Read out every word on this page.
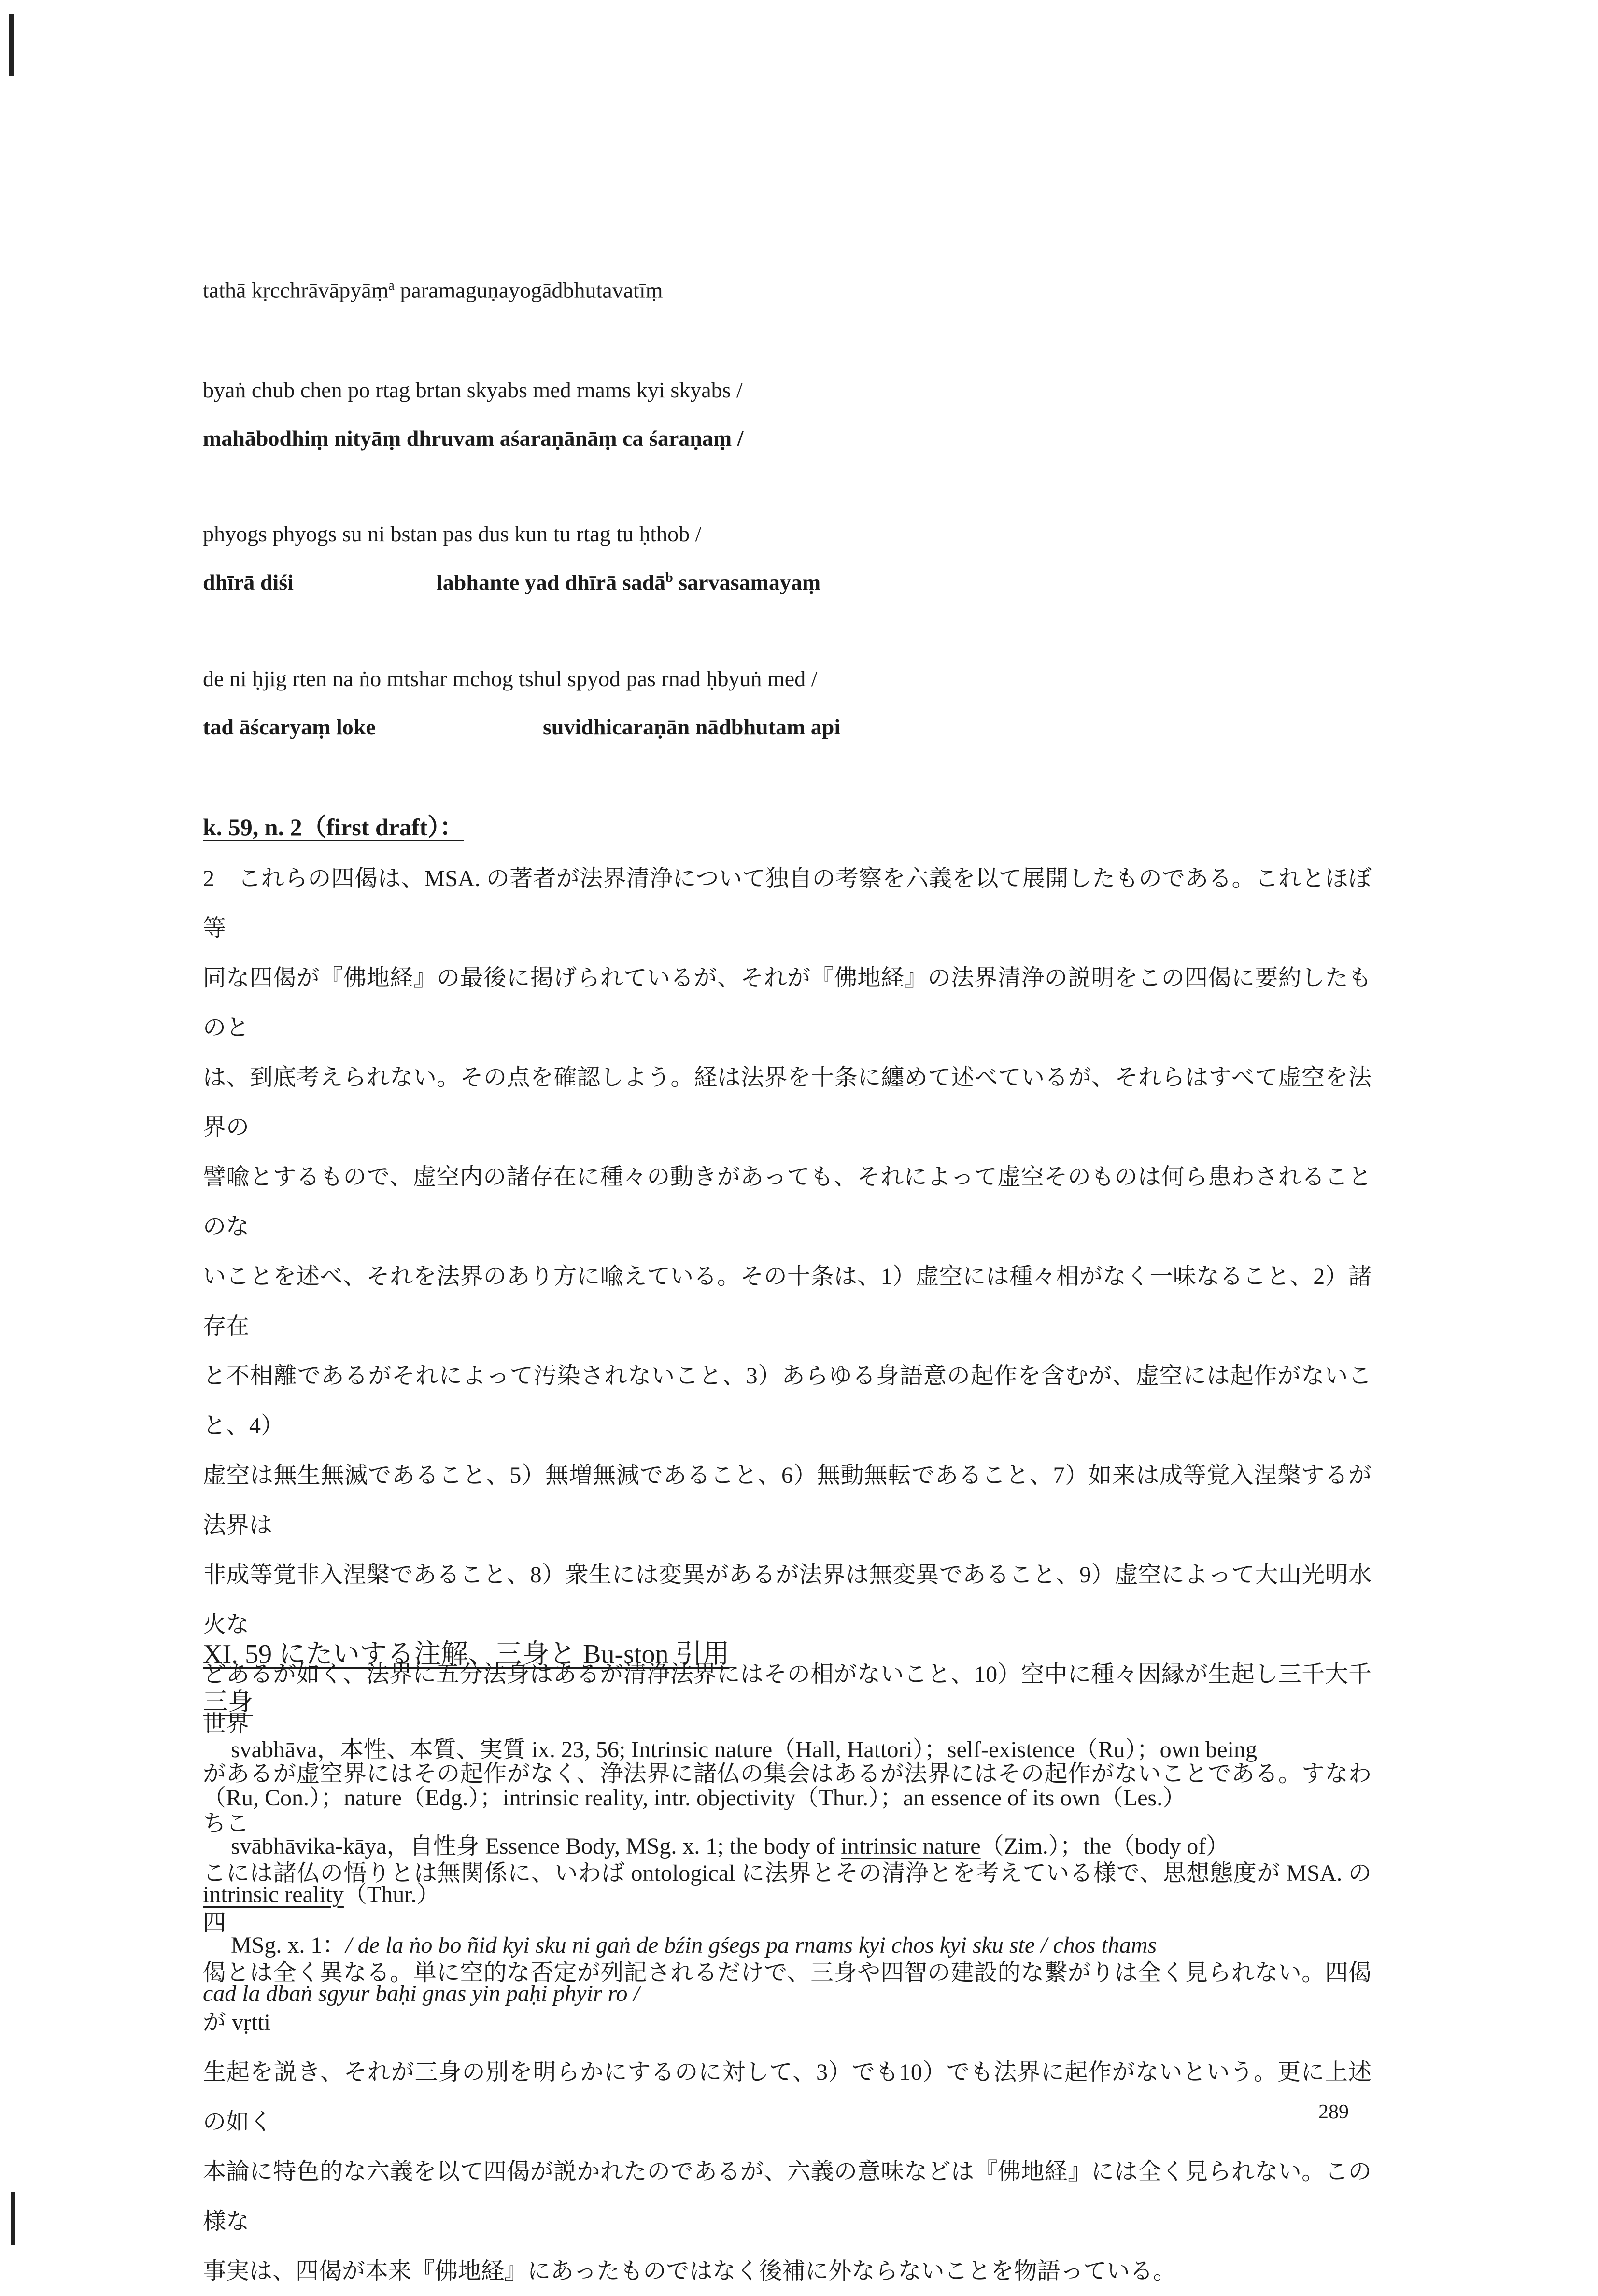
tathā kṛcchrāvāpyāṃ$^a$ paramaguṇayogādbhutavatīṃ
byaṅ chub chen po rtag brtan skyabs med rnams kyi skyabs /
mahābodhiṃ nityāṃ dhruvam aśaraṇānāṃ ca śaraṇaṃ /
phyogs phyogs su ni bstan pas dus kun tu rtag tu ḥthob /
dhīrā diśi	labhante yad dhīrā sadā$^b$ sarvasamayaṃ
de ni ḥjig rten na ṅo mtshar mchog tshul spyod pas rnad ḥbyuṅ med /
tad āścaryaṃ loke	suvidhicaraṇān nādbhutam api
k. 59, n. 2（first draft）：
2　これらの四偈は、MSA. の著者が法界清浄について独自の考察を六義を以て展開したものである。これとほぼ等
同な四偈が『佛地経』の最後に掲げられているが、それが『佛地経』の法界清浄の説明をこの四偈に要約したものと
は、到底考えられない。その点を確認しよう。経は法界を十条に纏めて述べているが、それらはすべて虚空を法界の
譬喩とするもので、虚空内の諸存在に種々の動きがあっても、それによって虚空そのものは何ら患わされることのな
いことを述べ、それを法界のあり方に喩えている。その十条は、1）虚空には種々相がなく一味なること、2）諸存在
と不相離であるがそれによって汚染されないこと、3）あらゆる身語意の起作を含むが、虚空には起作がないこと、4）
虚空は無生無滅であること、5）無増無減であること、6）無動無転であること、7）如来は成等覚入涅槃するが法界は
非成等覚非入涅槃であること、8）衆生には変異があるが法界は無変異であること、9）虚空によって大山光明水火な
どあるが如く、法界に五分法身はあるが清浄法界にはその相がないこと、10）空中に種々因縁が生起し三千大千世界
があるが虚空界にはその起作がなく、浄法界に諸仏の集会はあるが法界にはその起作がないことである。すなわちこ
こには諸仏の悟りとは無関係に、いわば ontological に法界とその清浄とを考えている様で、思想態度が MSA. の四
偈とは全く異なる。単に空的な否定が列記されるだけで、三身や四智の建設的な繋がりは全く見られない。四偈が vṛtti
生起を説き、それが三身の別を明らかにするのに対して、3）でも10）でも法界に起作がないという。更に上述の如く
本論に特色的な六義を以て四偈が説かれたのであるが、六義の意味などは『佛地経』には全く見られない。この様な
事実は、四偈が本来『佛地経』にあったものではなく後補に外ならないことを物語っている。
XI. 59 にたいする注解、三身と Bu-ston 引用
三身
svabhāva，本性、本質、実質 ix. 23, 56; Intrinsic nature（Hall, Hattori）；self-existence（Ru）；own being
（Ru, Con.）；nature（Edg.）；intrinsic reality, intr. objectivity（Thur.）；an essence of its own（Les.）
svābhāvika-kāya，自性身 Essence Body, MSg. x. 1; the body of intrinsic nature（Zim.）；the（body of）
intrinsic reality（Thur.）
MSg. x. 1：/ de la ṅo bo ñid kyi sku ni gaṅ de bźin gśegs pa rnams kyi chos kyi sku ste / chos thams
cad la dbaṅ sgyur baḥi gnas yin paḥi phyir ro /
289
